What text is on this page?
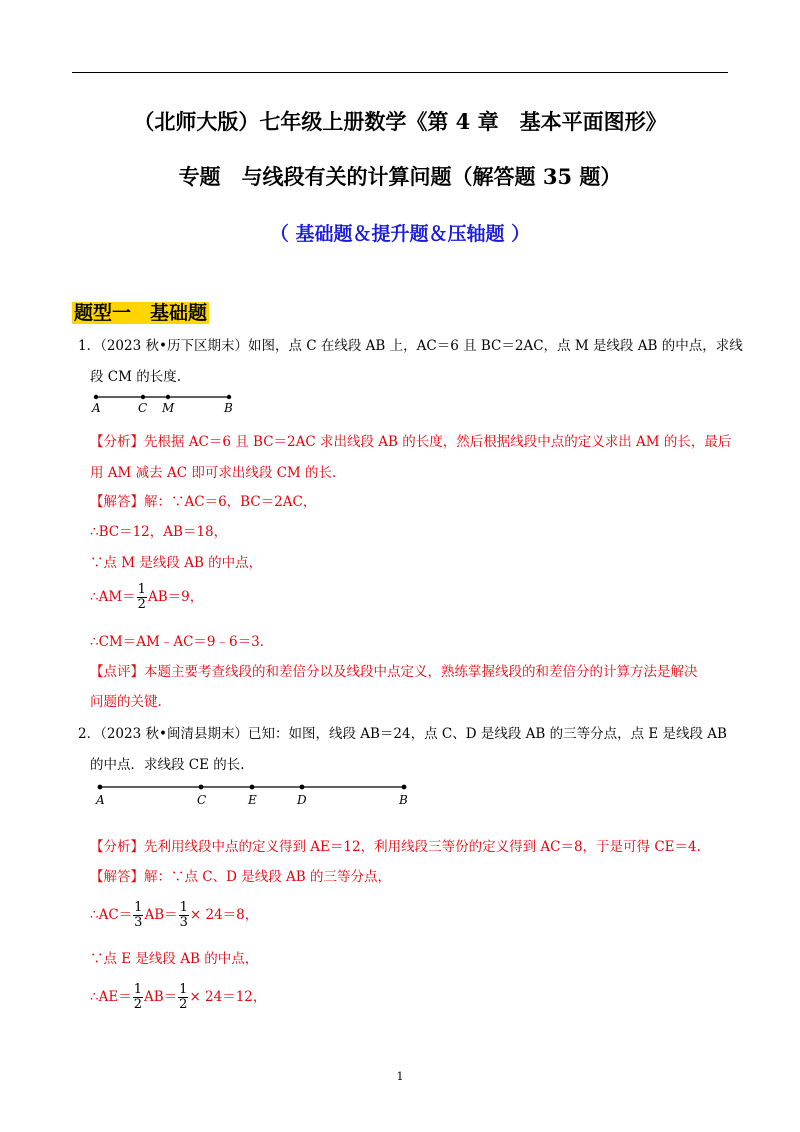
（北师大版）七年级上册数学《第 4 章　基本平面图形》
专题　与线段有关的计算问题（解答题 35 题）
（ 基础题＆提升题＆压轴题 ）
题型一　基础题
1．（2023 秋•历下区期末）如图，点 C 在线段 AB 上，AC＝6 且 BC＝2AC，点 M 是线段 AB 的中点，求线
段 CM 的长度.
A	C M	B
【分析】先根据 AC＝6 且 BC＝2AC 求出线段 AB 的长度，然后根据线段中点的定义求出 AM 的长，最后
用 AM 减去 AC 即可求出线段 CM 的长.
【解答】解：∵AC＝6，BC＝2AC，
∴BC＝12，AB＝18，
∵点 M 是线段 AB 的中点，
∴AM＝ $\frac{1}{2} AB=9$，
∴CM＝AM﹣AC＝9﹣6＝3.
【点评】本题主要考查线段的和差倍分以及线段中点定义，熟练掌握线段的和差倍分的计算方法是解决
问题的关键.
2．（2023 秋•闽清县期末）已知：如图，线段 AB＝24，点 C、D 是线段 AB 的三等分点，点 E 是线段 AB
的中点．求线段 CE 的长.
A	C	E	D	B
【分析】先利用线段中点的定义得到 AE＝12，利用线段三等份的定义得到 AC＝8，于是可得 CE＝4.
【解答】解：∵点 C、D 是线段 AB 的三等分点，
∴AC＝ $\frac{1}{3} AB= \frac{1}{3} \times 24=8$，
∵点 E 是线段 AB 的中点，
∴AE＝ $\frac{1}{2} AB= \frac{1}{2} \times 24=12$，
1
